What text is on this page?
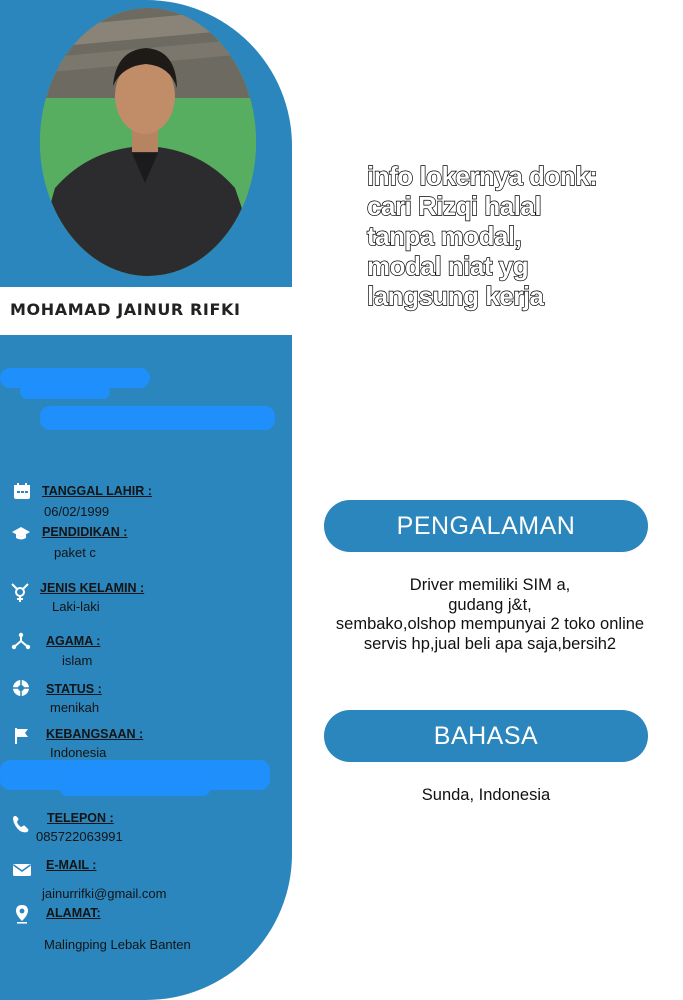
MOHAMAD JAINUR RIFKI
TANGGAL LAHIR :
06/02/1999
PENDIDIKAN :
paket c
JENIS KELAMIN :
Laki-laki
AGAMA :
islam
STATUS :
menikah
KEBANGSAAN :
Indonesia
TELEPON :
085722063991
E-MAIL :
jainurrifki@gmail.com
ALAMAT:
Malingping Lebak Banten
info lokernya donk:
cari Rizqi halal
tanpa modal,
modal niat yg
langsung kerja
PENGALAMAN
Driver memiliki SIM a,
gudang j&t,
sembako,olshop mempunyai 2 toko online
servis hp,jual beli apa saja,bersih2
BAHASA
Sunda, Indonesia
